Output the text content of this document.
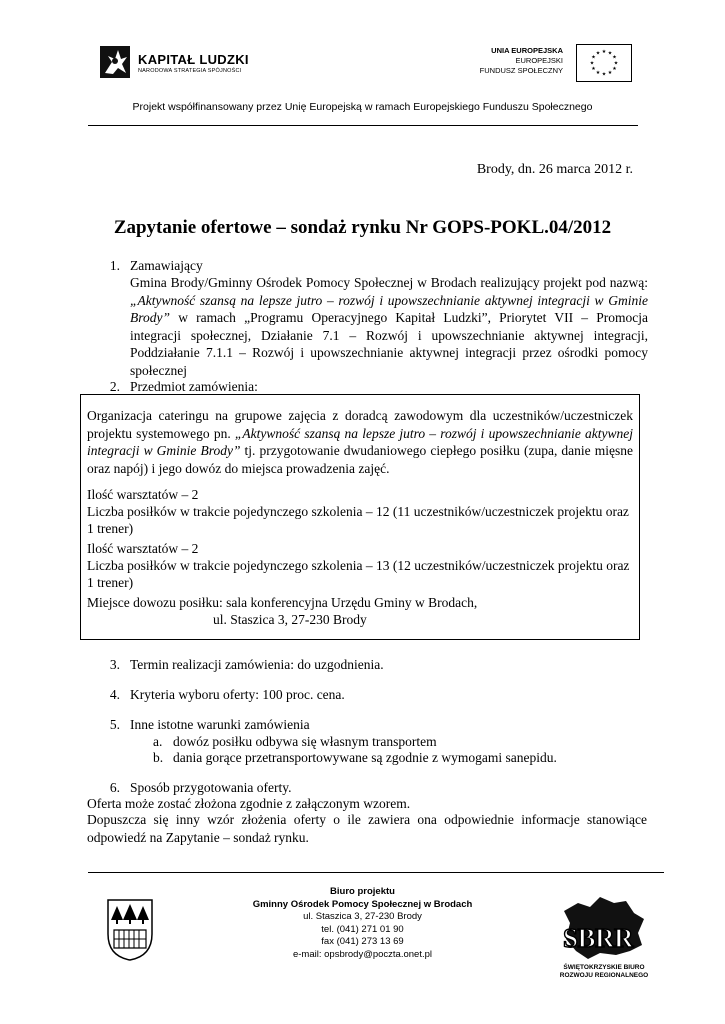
KAPITAŁ LUDZKI
NARODOWA STRATEGIA SPÓJNOŚCI
UNIA EUROPEJSKA
EUROPEJSKI
FUNDUSZ SPOŁECZNY
★ ★
★
★
★
★
★
★
★
★
★
★
Projekt współfinansowany przez Unię Europejską w ramach Europejskiego Funduszu Społecznego
Brody, dn. 26 marca 2012 r.
Zapytanie ofertowe – sondaż rynku Nr GOPS-POKL.04/2012
1. Zamawiający
Gmina Brody/Gminny Ośrodek Pomocy Społecznej w Brodach realizujący projekt pod nazwą: „Aktywność szansą na lepsze jutro – rozwój i upowszechnianie aktywnej integracji w Gminie Brody” w ramach „Programu Operacyjnego Kapitał Ludzki”, Priorytet VII – Promocja integracji społecznej, Działanie 7.1 – Rozwój i upowszechnianie aktywnej integracji, Poddziałanie 7.1.1 – Rozwój i upowszechnianie aktywnej integracji przez ośrodki pomocy społecznej
2. Przedmiot zamówienia:
Organizacja cateringu na grupowe zajęcia z doradcą zawodowym dla uczestników/uczestniczek projektu systemowego pn. „Aktywność szansą na lepsze jutro – rozwój i upowszechnianie aktywnej integracji w Gminie Brody” tj. przygotowanie dwudaniowego ciepłego posiłku (zupa, danie mięsne oraz napój) i jego dowóz do miejsca prowadzenia zajęć.
Ilość warsztatów – 2
Liczba posiłków w trakcie pojedynczego szkolenia – 12 (11 uczestników/uczestniczek projektu oraz
1 trener)
Ilość warsztatów – 2
Liczba posiłków w trakcie pojedynczego szkolenia – 13 (12 uczestników/uczestniczek projektu oraz
1 trener)
Miejsce dowozu posiłku: sala konferencyjna Urzędu Gminy w Brodach,
ul. Staszica 3, 27-230 Brody
3. Termin realizacji zamówienia: do uzgodnienia.
4. Kryteria wyboru oferty: 100 proc. cena.
5. Inne istotne warunki zamówienia
a. dowóz posiłku odbywa się własnym transportem
b. dania gorące przetransportowywane są zgodnie z wymogami sanepidu.
6. Sposób przygotowania oferty.
Oferta może zostać złożona zgodnie z załączonym wzorem.
Dopuszcza się inny wzór złożenia oferty o ile zawiera ona odpowiednie informacje stanowiące odpowiedź na Zapytanie – sondaż rynku.
Biuro projektu
Gminny Ośrodek Pomocy Społecznej w Brodach
ul. Staszica 3, 27-230 Brody
tel. (041) 271 01 90
fax (041) 273 13 69
e-mail: opsbrody@poczta.onet.pl
SBRR
ŚWIĘTOKRZYSKIE BIURO
ROZWOJU REGIONALNEGO
